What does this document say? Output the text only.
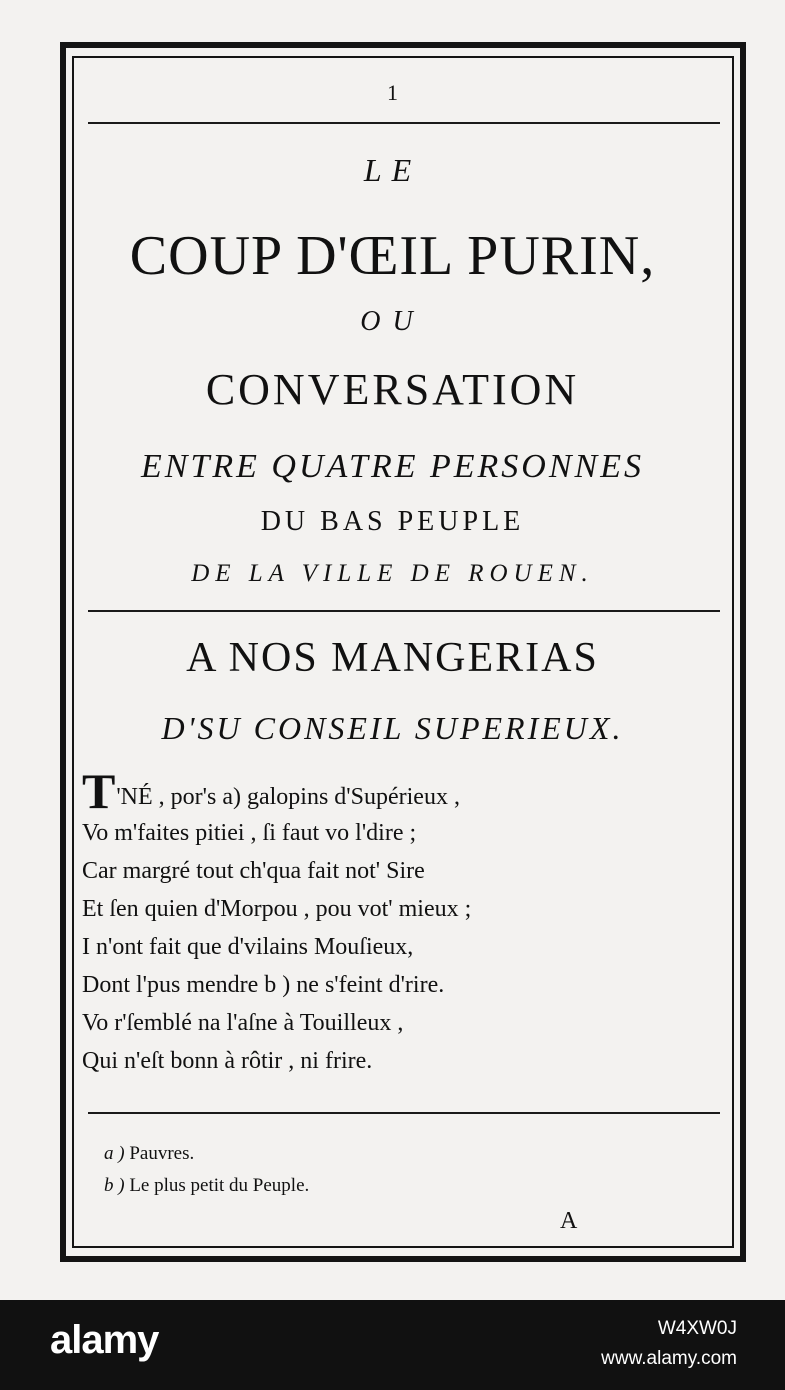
1
LE
COUP D'ŒIL PURIN,
OU
CONVERSATION
ENTRE QUATRE PERSONNES
DU BAS PEUPLE
DE LA VILLE DE ROUEN.
A NOS MANGERIAS
D'SU CONSEIL SUPERIEUX.
T'NÉ , por's a) galopins d'Supérieux ,
Vo m'faites pitiei , ſi faut vo l'dire ;
Car margré tout ch'qua fait not' Sire
Et ſen quien d'Morpou , pou vot' mieux ;
I n'ont fait que d'vilains Mouſieux,
Dont l'pus mendre b ) ne s'feint d'rire.
Vo r'ſemblé na l'aſne à Touilleux ,
Qui n'eſt bonn à rôtir , ni frire.
a ) Pauvres.
b ) Le plus petit du Peuple.
A
alamy	W4XW0J
www.alamy.com
